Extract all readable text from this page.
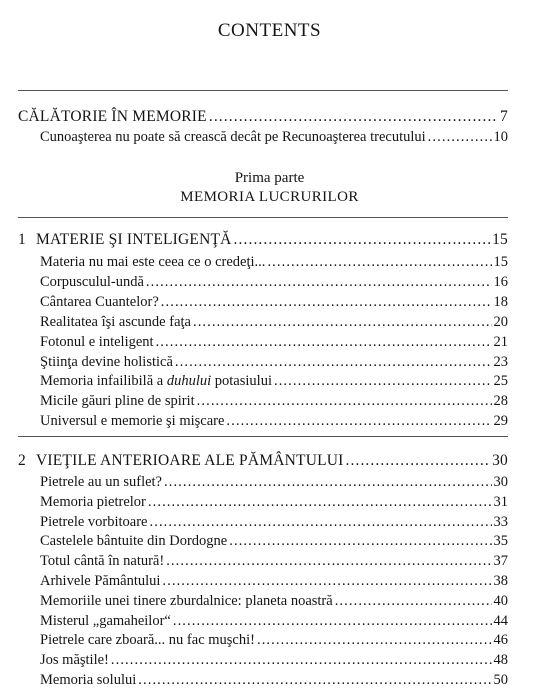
CONTENTS
CĂLĂTORIE ÎN MEMORIE .....	7
Cunoaşterea nu poate să crească decât pe Recunoaşterea trecutului .....	10
Prima parte
MEMORIA LUCRURILOR
1 MATERIE ŞI INTELIGENŢĂ .....	15
Materia nu mai este ceea ce o credeţi... .....	15
Corpusculul-undă .....	16
Cântarea Cuantelor? .....	18
Realitatea îşi ascunde faţa .....	20
Fotonul e inteligent .....	21
Ştiinţa devine holistică .....	23
Memoria infailibilă a duhului potasiului .....	25
Micile găuri pline de spirit .....	28
Universul e memorie şi mişcare .....	29
2 VIEŢILE ANTERIOARE ALE PĂMÂNTULUI .....	30
Pietrele au un suflet? .....	30
Memoria pietrelor .....	31
Pietrele vorbitoare .....	33
Castelele bântuite din Dordogne .....	35
Totul cântă în natură! .....	37
Arhivele Pământului .....	38
Memoriile unei tinere zburdalnice: planeta noastră .....	40
Misterul „gamaheilor“ .....	44
Pietrele care zboară... nu fac muşchi! .....	46
Jos măştile! .....	48
Memoria solului .....	50
